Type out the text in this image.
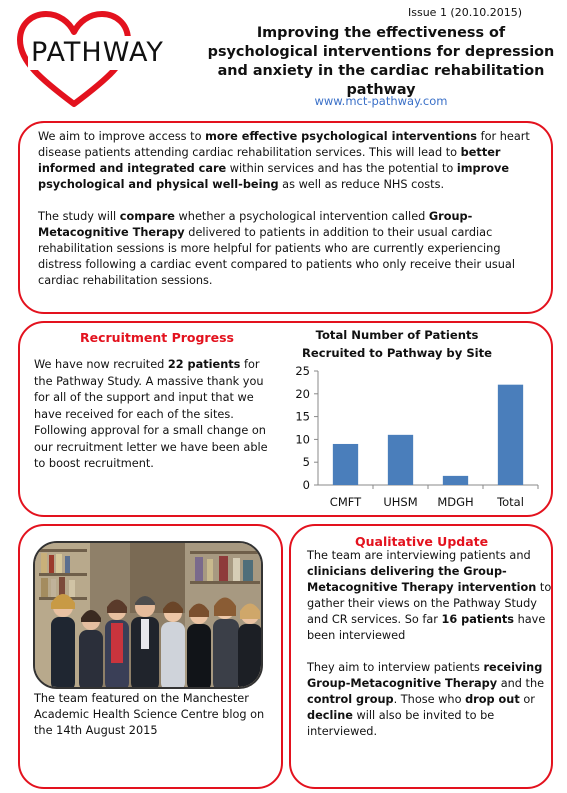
PATHWAY
Issue 1 (20.10.2015)
Improving the effectiveness of psychological interventions for depression and anxiety in the cardiac rehabilitation pathway
www.mct-pathway.com

We aim to improve access to more effective psychological interventions for heart disease patients attending cardiac rehabilitation services. This will lead to better informed and integrated care within services and has the potential to improve psychological and physical well-being as well as reduce NHS costs.

The study will compare whether a psychological intervention called Group-Metacognitive Therapy delivered to patients in addition to their usual cardiac rehabilitation sessions is more helpful for patients who are currently experiencing distress following a cardiac event compared to patients who only receive their usual cardiac rehabilitation sessions.

Recruitment Progress
We have now recruited 22 patients for the Pathway Study. A massive thank you for all of the support and input that we have received for each of the sites. Following approval for a small change on our recruitment letter we have been able to boost recruitment.
Total Number of Patients Recruited to Pathway by Site
0
5
10
15
20
25
CMFT UHSM MDGH Total
The team featured on the Manchester Academic Health Science Centre blog on the 14th August 2015
Qualitative Update

The team are interviewing patients and clinicians delivering the Group-Metacognitive Therapy intervention to gather their views on the Pathway Study and CR services. So far 16 patients have been interviewed

They aim to interview patients receiving Group-Metacognitive Therapy and the control group. Those who drop out or decline will also be invited to be interviewed.
